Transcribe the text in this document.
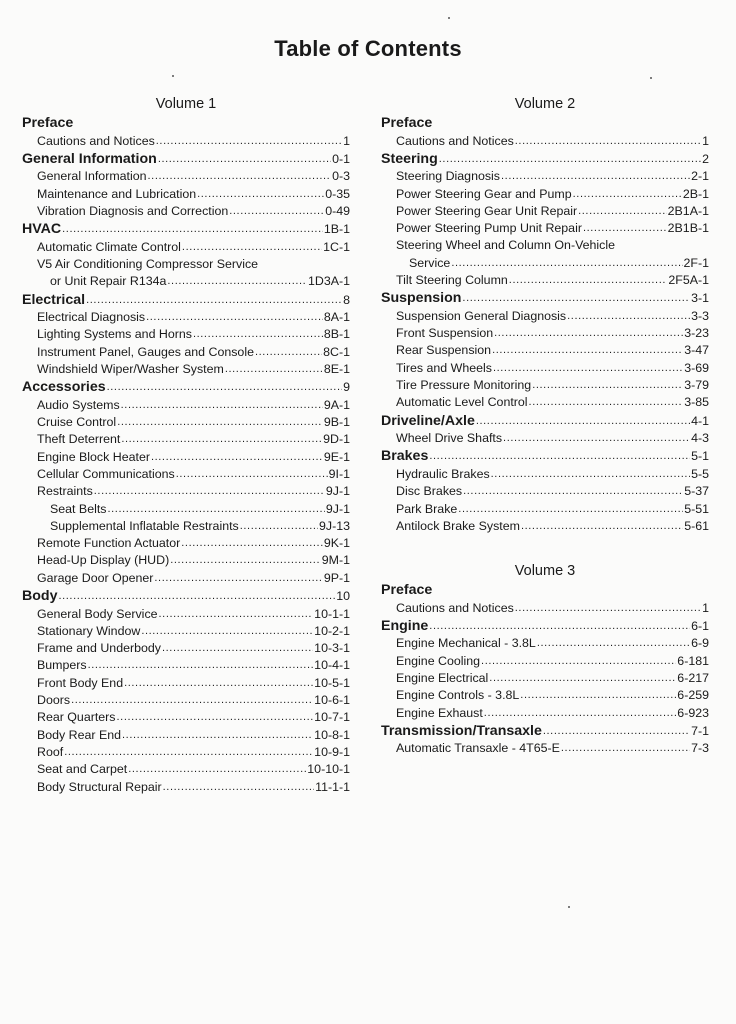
Table of Contents
Volume 1
Preface
Cautions and Notices .....	1
General Information .....	0-1
General Information .....	0-3
Maintenance and Lubrication .....	0-35
Vibration Diagnosis and Correction .....	0-49
HVAC .....	1B-1
Automatic Climate Control .....	1C-1
V5 Air Conditioning Compressor Service
or Unit Repair R134a .....	1D3A-1
Electrical .....	8
Electrical Diagnosis .....	8A-1
Lighting Systems and Horns .....	8B-1
Instrument Panel, Gauges and Console .....	8C-1
Windshield Wiper/Washer System .....	8E-1
Accessories .....	9
Audio Systems .....	9A-1
Cruise Control .....	9B-1
Theft Deterrent .....	9D-1
Engine Block Heater .....	9E-1
Cellular Communications .....	9I-1
Restraints .....	9J-1
Seat Belts .....	9J-1
Supplemental Inflatable Restraints .....	9J-13
Remote Function Actuator .....	9K-1
Head-Up Display (HUD) .....	9M-1
Garage Door Opener .....	9P-1
Body .....	10
General Body Service .....	10-1-1
Stationary Window .....	10-2-1
Frame and Underbody .....	10-3-1
Bumpers .....	10-4-1
Front Body End .....	10-5-1
Doors .....	10-6-1
Rear Quarters .....	10-7-1
Body Rear End .....	10-8-1
Roof .....	10-9-1
Seat and Carpet .....	10-10-1
Body Structural Repair .....	11-1-1
Volume 2
Preface
Cautions and Notices .....	1
Steering .....	2
Steering Diagnosis .....	2-1
Power Steering Gear and Pump .....	2B-1
Power Steering Gear Unit Repair .....	2B1A-1
Power Steering Pump Unit Repair .....	2B1B-1
Steering Wheel and Column On-Vehicle
Service .....	2F-1
Tilt Steering Column .....	2F5A-1
Suspension .....	3-1
Suspension General Diagnosis .....	3-3
Front Suspension .....	3-23
Rear Suspension .....	3-47
Tires and Wheels .....	3-69
Tire Pressure Monitoring .....	3-79
Automatic Level Control .....	3-85
Driveline/Axle .....	4-1
Wheel Drive Shafts .....	4-3
Brakes .....	5-1
Hydraulic Brakes .....	5-5
Disc Brakes .....	5-37
Park Brake .....	5-51
Antilock Brake System .....	5-61
Volume 3
Preface
Cautions and Notices .....	1
Engine .....	6-1
Engine Mechanical - 3.8L .....	6-9
Engine Cooling .....	6-181
Engine Electrical .....	6-217
Engine Controls - 3.8L .....	6-259
Engine Exhaust .....	6-923
Transmission/Transaxle .....	7-1
Automatic Transaxle - 4T65-E .....	7-3
